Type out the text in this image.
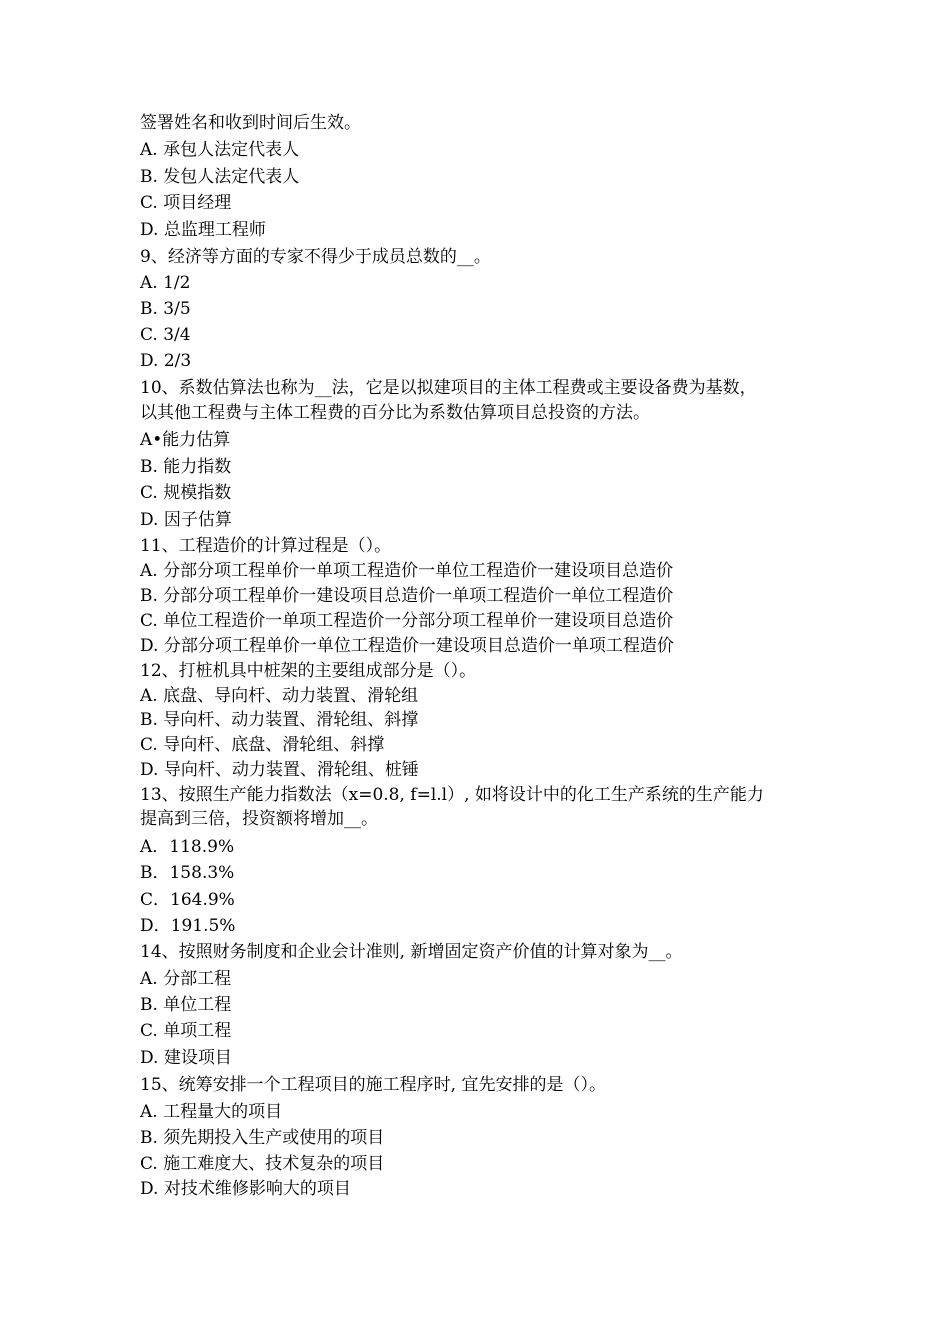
签署姓名和收到时间后生效。
A. 承包人法定代表人
B. 发包人法定代表人
C. 项目经理
D. 总监理工程师
9、经济等方面的专家不得少于成员总数的__。
A. 1/2
B. 3/5
C. 3/4
D. 2/3
10、系数估算法也称为__法，它是以拟建项目的主体工程费或主要设备费为基数，
以其他工程费与主体工程费的百分比为系数估算项目总投资的方法。
A•能力估算
B. 能力指数
C. 规模指数
D. 因子估算
11、工程造价的计算过程是（）。
A. 分部分项工程单价一单项工程造价一单位工程造价一建设项目总造价
B. 分部分项工程单价一建设项目总造价一单项工程造价一单位工程造价
C. 单位工程造价一单项工程造价一分部分项工程单价一建设项目总造价
D. 分部分项工程单价一单位工程造价一建设项目总造价一单项工程造价
12、打桩机具中桩架的主要组成部分是（）。
A. 底盘、导向杆、动力装置、滑轮组
B. 导向杆、动力装置、滑轮组、斜撑
C. 导向杆、底盘、滑轮组、斜撑
D. 导向杆、动力装置、滑轮组、桩锤
13、按照生产能力指数法（x=0.8, f=l.l）, 如将设计中的化工生产系统的生产能力
提高到三倍，投资额将增加__。
A．118.9%
B．158.3%
C．164.9%
D．191.5%
14、按照财务制度和企业会计准则, 新增固定资产价值的计算对象为__。
A. 分部工程
B. 单位工程
C. 单项工程
D. 建设项目
15、统筹安排一个工程项目的施工程序时, 宜先安排的是（）。
A. 工程量大的项目
B. 须先期投入生产或使用的项目
C. 施工难度大、技术复杂的项目
D. 对技术维修影响大的项目
